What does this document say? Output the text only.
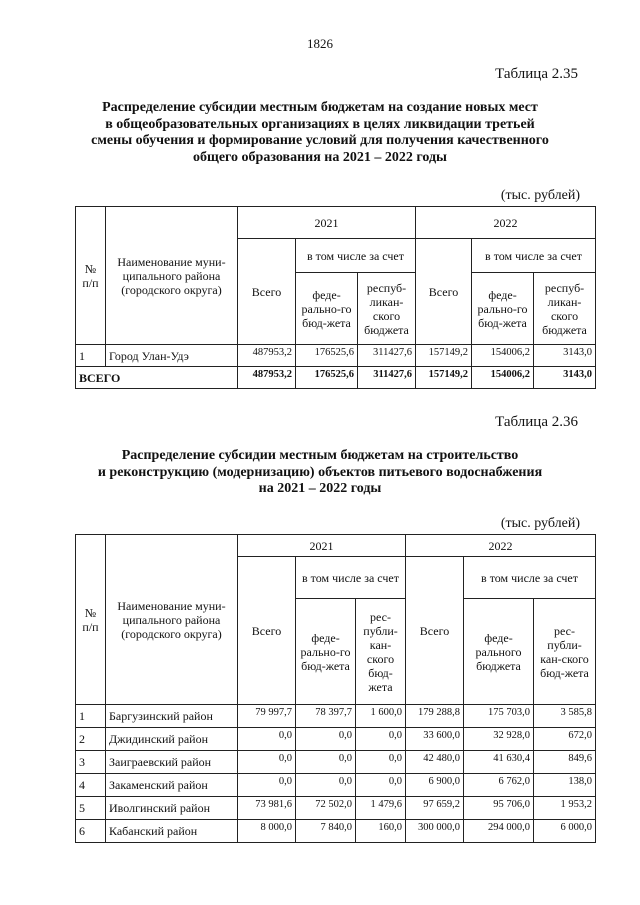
1826
Таблица 2.35
Распределение субсидии местным бюджетам на создание новых мест
в общеобразовательных организациях в целях ликвидации третьей
смены обучения и формирование условий для получения качественного
общего образования на 2021 – 2022 годы
(тыс. рублей)
№ п/п	Наименование муни-ципального района (городского округа)	2021			2022		
		Всего	в том числе за счет		Всего	в том числе за счет	
			феде-рально-го бюд-жета	респуб-ликан-ского бюджета		феде-рально-го бюд-жета	респуб-ликан-ского бюджета
1	Город Улан-Удэ	487953,2	176525,6	311427,6	157149,2	154006,2	3143,0
ВСЕГО		487953,2	176525,6	311427,6	157149,2	154006,2	3143,0
Таблица 2.36
Распределение субсидии местным бюджетам на строительство
и реконструкцию (модернизацию) объектов питьевого водоснабжения
на 2021 – 2022 годы
(тыс. рублей)
№ п/п	Наименование муни-ципального района (городского округа)	2021			2022		
		Всего	в том числе за счет		Всего	в том числе за счет	
			феде-рально-го бюд-жета	рес-публи-кан-ского бюд-жета		феде-рального бюджета	рес-публи-кан-ского бюд-жета
1	Баргузинский район	79 997,7	78 397,7	1 600,0	179 288,8	175 703,0	3 585,8
2	Джидинский район	0,0	0,0	0,0	33 600,0	32 928,0	672,0
3	Заиграевский район	0,0	0,0	0,0	42 480,0	41 630,4	849,6
4	Закаменский район	0,0	0,0	0,0	6 900,0	6 762,0	138,0
5	Иволгинский район	73 981,6	72 502,0	1 479,6	97 659,2	95 706,0	1 953,2
6	Кабанский район	8 000,0	7 840,0	160,0	300 000,0	294 000,0	6 000,0
